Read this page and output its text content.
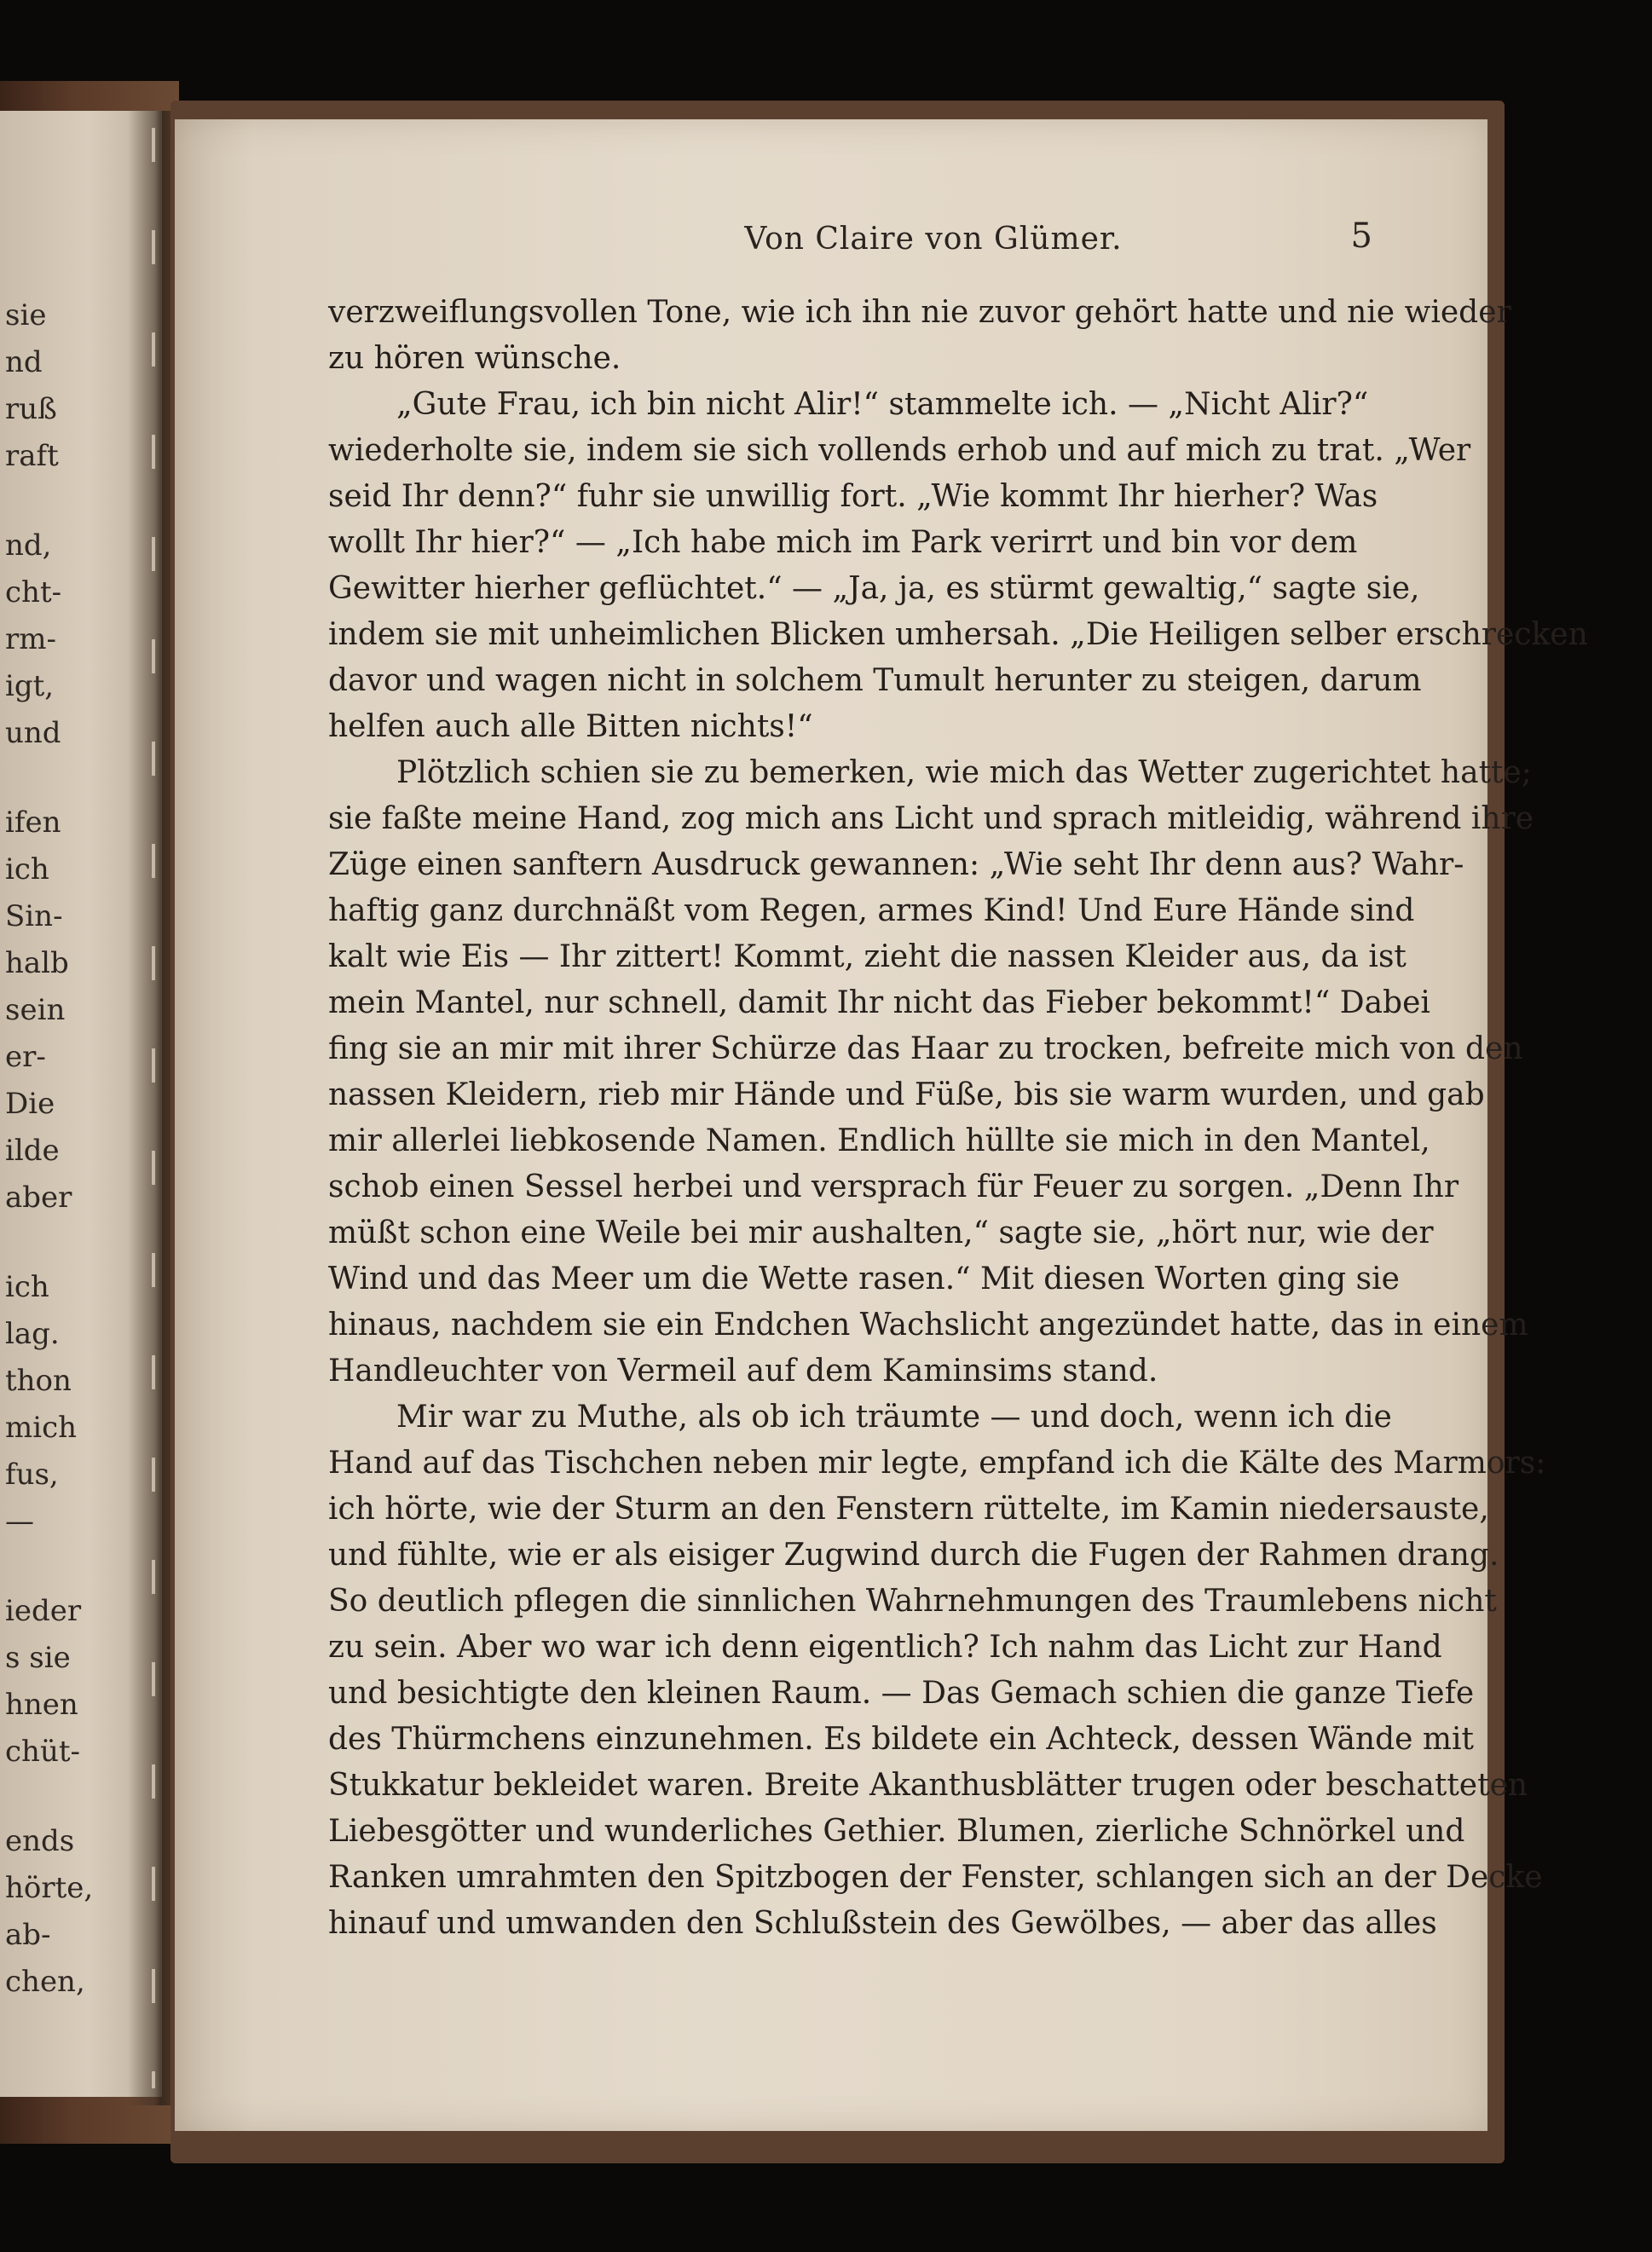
sie
nd
ruß
raft
nd,
cht-
rm-
igt,
und
ifen
ich
Sin-
halb
sein
er-
Die
ilde
aber
ich
lag.
thon
mich
fus,
—
ieder
s sie
hnen
chüt-
ends
hörte,
ab-
chen,
Von Claire von Glümer.	5
verzweiflungsvollen Tone, wie ich ihn nie zuvor gehört hatte und nie wieder
zu hören wünsche.
„Gute Frau, ich bin nicht Alir!“ stammelte ich. — „Nicht Alir?“
wiederholte sie, indem sie sich vollends erhob und auf mich zu trat. „Wer
seid Ihr denn?“ fuhr sie unwillig fort. „Wie kommt Ihr hierher? Was
wollt Ihr hier?“ — „Ich habe mich im Park verirrt und bin vor dem
Gewitter hierher geflüchtet.“ — „Ja, ja, es stürmt gewaltig,“ sagte sie,
indem sie mit unheimlichen Blicken umhersah. „Die Heiligen selber erschrecken
davor und wagen nicht in solchem Tumult herunter zu steigen, darum
helfen auch alle Bitten nichts!“
Plötzlich schien sie zu bemerken, wie mich das Wetter zugerichtet hatte;
sie faßte meine Hand, zog mich ans Licht und sprach mitleidig, während ihre
Züge einen sanftern Ausdruck gewannen: „Wie seht Ihr denn aus? Wahr-
haftig ganz durchnäßt vom Regen, armes Kind! Und Eure Hände sind
kalt wie Eis — Ihr zittert! Kommt, zieht die nassen Kleider aus, da ist
mein Mantel, nur schnell, damit Ihr nicht das Fieber bekommt!“ Dabei
fing sie an mir mit ihrer Schürze das Haar zu trocken, befreite mich von den
nassen Kleidern, rieb mir Hände und Füße, bis sie warm wurden, und gab
mir allerlei liebkosende Namen. Endlich hüllte sie mich in den Mantel,
schob einen Sessel herbei und versprach für Feuer zu sorgen. „Denn Ihr
müßt schon eine Weile bei mir aushalten,“ sagte sie, „hört nur, wie der
Wind und das Meer um die Wette rasen.“ Mit diesen Worten ging sie
hinaus, nachdem sie ein Endchen Wachslicht angezündet hatte, das in einem
Handleuchter von Vermeil auf dem Kaminsims stand.
Mir war zu Muthe, als ob ich träumte — und doch, wenn ich die
Hand auf das Tischchen neben mir legte, empfand ich die Kälte des Marmors:
ich hörte, wie der Sturm an den Fenstern rüttelte, im Kamin niedersauste,
und fühlte, wie er als eisiger Zugwind durch die Fugen der Rahmen drang.
So deutlich pflegen die sinnlichen Wahrnehmungen des Traumlebens nicht
zu sein. Aber wo war ich denn eigentlich? Ich nahm das Licht zur Hand
und besichtigte den kleinen Raum. — Das Gemach schien die ganze Tiefe
des Thürmchens einzunehmen. Es bildete ein Achteck, dessen Wände mit
Stukkatur bekleidet waren. Breite Akanthusblätter trugen oder beschatteten
Liebesgötter und wunderliches Gethier. Blumen, zierliche Schnörkel und
Ranken umrahmten den Spitzbogen der Fenster, schlangen sich an der Decke
hinauf und umwanden den Schlußstein des Gewölbes, — aber das alles
